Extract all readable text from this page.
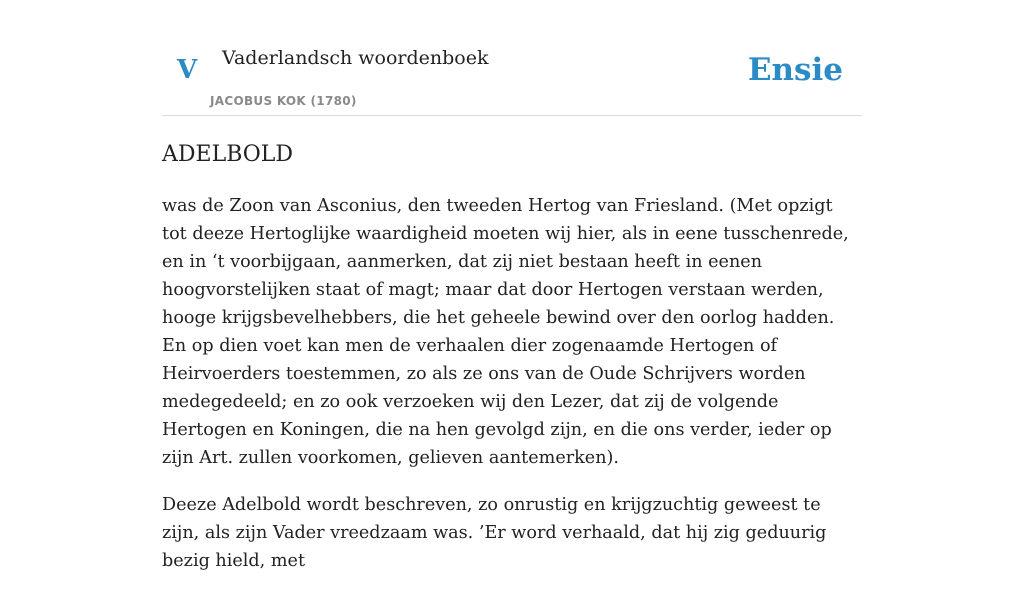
V Vaderlandsch woordenboek
JACOBUS KOK (1780)
Ensie
ADELBOLD

was de Zoon van Asconius, den tweeden Hertog van Friesland. (Met opzigt tot deeze Hertoglijke waardigheid moeten wij hier, als in eene tusschenrede, en in ‘t voorbijgaan, aanmerken, dat zij niet bestaan heeft in eenen hoogvorstelijken staat of magt; maar dat door Hertogen verstaan werden, hooge krijgsbevelhebbers, die het geheele bewind over den oorlog hadden. En op dien voet kan men de verhaalen dier zogenaamde Hertogen of Heirvoerders toestemmen, zo als ze ons van de Oude Schrijvers worden medegedeeld; en zo ook verzoeken wij den Lezer, dat zij de volgende Hertogen en Koningen, die na hen gevolgd zijn, en die ons verder, ieder op zijn Art. zullen voorkomen, gelieven aantemerken).

Deeze Adelbold wordt beschreven, zo onrustig en krijgzuchtig geweest te zijn, als zijn Vader vreedzaam was. ’Er word verhaald, dat hij zig geduurig bezig hield, met
